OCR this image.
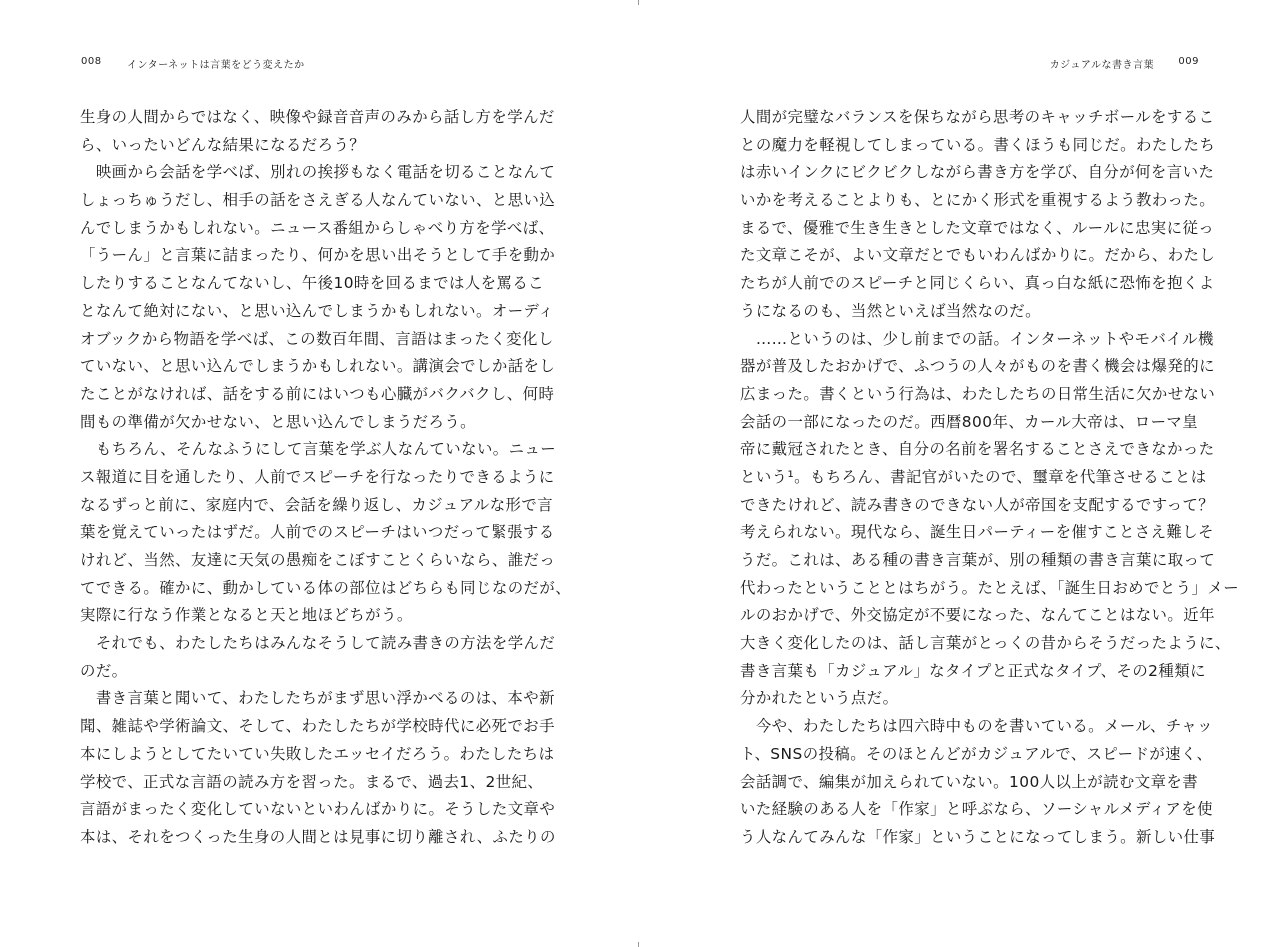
008	インターネットは言葉をどう変えたか
生身の人間からではなく、映像や録音音声のみから話し方を学んだ
ら、いったいどんな結果になるだろう？
　映画から会話を学べば、別れの挨拶もなく電話を切ることなんて
しょっちゅうだし、相手の話をさえぎる人なんていない、と思い込
んでしまうかもしれない。ニュース番組からしゃべり方を学べば、
「うーん」と言葉に詰まったり、何かを思い出そうとして手を動か
したりすることなんてないし、午後10時を回るまでは人を罵るこ
となんて絶対にない、と思い込んでしまうかもしれない。オーディ
オブックから物語を学べば、この数百年間、言語はまったく変化し
ていない、と思い込んでしまうかもしれない。講演会でしか話をし
たことがなければ、話をする前にはいつも心臓がバクバクし、何時
間もの準備が欠かせない、と思い込んでしまうだろう。
　もちろん、そんなふうにして言葉を学ぶ人なんていない。ニュー
ス報道に目を通したり、人前でスピーチを行なったりできるように
なるずっと前に、家庭内で、会話を繰り返し、カジュアルな形で言
葉を覚えていったはずだ。人前でのスピーチはいつだって緊張する
けれど、当然、友達に天気の愚痴をこぼすことくらいなら、誰だっ
てできる。確かに、動かしている体の部位はどちらも同じなのだが、
実際に行なう作業となると天と地ほどちがう。
　それでも、わたしたちはみんなそうして読み書きの方法を学んだ
のだ。
　書き言葉と聞いて、わたしたちがまず思い浮かべるのは、本や新
聞、雑誌や学術論文、そして、わたしたちが学校時代に必死でお手
本にしようとしてたいてい失敗したエッセイだろう。わたしたちは
学校で、正式な言語の読み方を習った。まるで、過去1、2世紀、
言語がまったく変化していないといわんばかりに。そうした文章や
本は、それをつくった生身の人間とは見事に切り離され、ふたりの
カジュアルな書き言葉 009
人間が完璧なバランスを保ちながら思考のキャッチボールをするこ
との魔力を軽視してしまっている。書くほうも同じだ。わたしたち
は赤いインクにビクビクしながら書き方を学び、自分が何を言いた
いかを考えることよりも、とにかく形式を重視するよう教わった。
まるで、優雅で生き生きとした文章ではなく、ルールに忠実に従っ
た文章こそが、よい文章だとでもいわんばかりに。だから、わたし
たちが人前でのスピーチと同じくらい、真っ白な紙に恐怖を抱くよ
うになるのも、当然といえば当然なのだ。
　……というのは、少し前までの話。インターネットやモバイル機
器が普及したおかげで、ふつうの人々がものを書く機会は爆発的に
広まった。書くという行為は、わたしたちの日常生活に欠かせない
会話の一部になったのだ。西暦800年、カール大帝は、ローマ皇
帝に戴冠されたとき、自分の名前を署名することさえできなかった
という¹。もちろん、書記官がいたので、璽章を代筆させることは
できたけれど、読み書きのできない人が帝国を支配するですって？
考えられない。現代なら、誕生日パーティーを催すことさえ難しそ
うだ。これは、ある種の書き言葉が、別の種類の書き言葉に取って
代わったということとはちがう。たとえば、「誕生日おめでとう」メー
ルのおかげで、外交協定が不要になった、なんてことはない。近年
大きく変化したのは、話し言葉がとっくの昔からそうだったように、
書き言葉も「カジュアル」なタイプと正式なタイプ、その2種類に
分かれたという点だ。
　今や、わたしたちは四六時中ものを書いている。メール、チャッ
ト、SNSの投稿。そのほとんどがカジュアルで、スピードが速く、
会話調で、編集が加えられていない。100人以上が読む文章を書
いた経験のある人を「作家」と呼ぶなら、ソーシャルメディアを使
う人なんてみんな「作家」ということになってしまう。新しい仕事
